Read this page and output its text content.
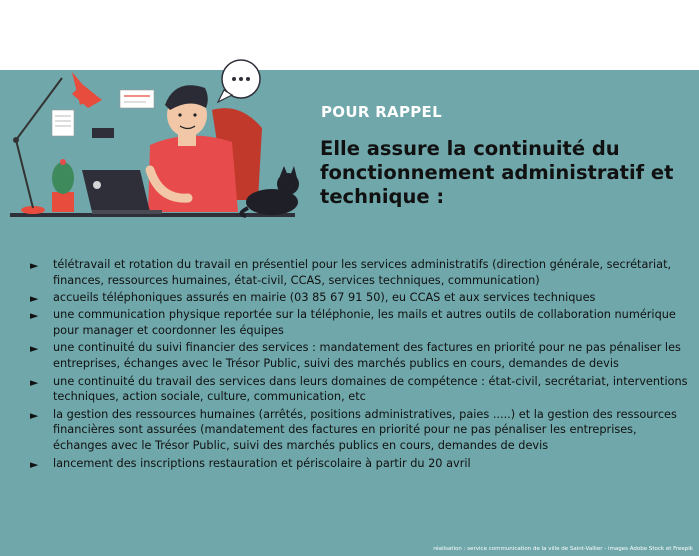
POUR RAPPEL
Elle assure la continuité du fonctionnement administratif et technique :
► télétravail et rotation du travail en présentiel pour les services administratifs (direction générale, secrétariat, finances, ressources humaines, état-civil, CCAS, services techniques, communication)
► accueils téléphoniques assurés en mairie (03 85 67 91 50), eu CCAS et aux services techniques
► une communication physique reportée sur la téléphonie, les mails et autres outils de collaboration numérique pour manager et coordonner les équipes
► une continuité du suivi financier des services : mandatement des factures en priorité pour ne pas pénaliser les entreprises, échanges avec le Trésor Public, suivi des marchés publics en cours, demandes de devis
► une continuité du travail des services dans leurs domaines de compétence : état-civil, secrétariat, interventions techniques, action sociale, culture, communication, etc
► la gestion des ressources humaines (arrêtés, positions administratives, paies .....) et la gestion des ressources financières sont assurées (mandatement des factures en priorité pour ne pas pénaliser les entreprises, échanges avec le Trésor Public, suivi des marchés publics en cours, demandes de devis
► lancement des inscriptions restauration et périscolaire à partir du 20 avril
réalisation : service communication de la ville de Saint-Vallier - images Adobe Stock et Freepik
